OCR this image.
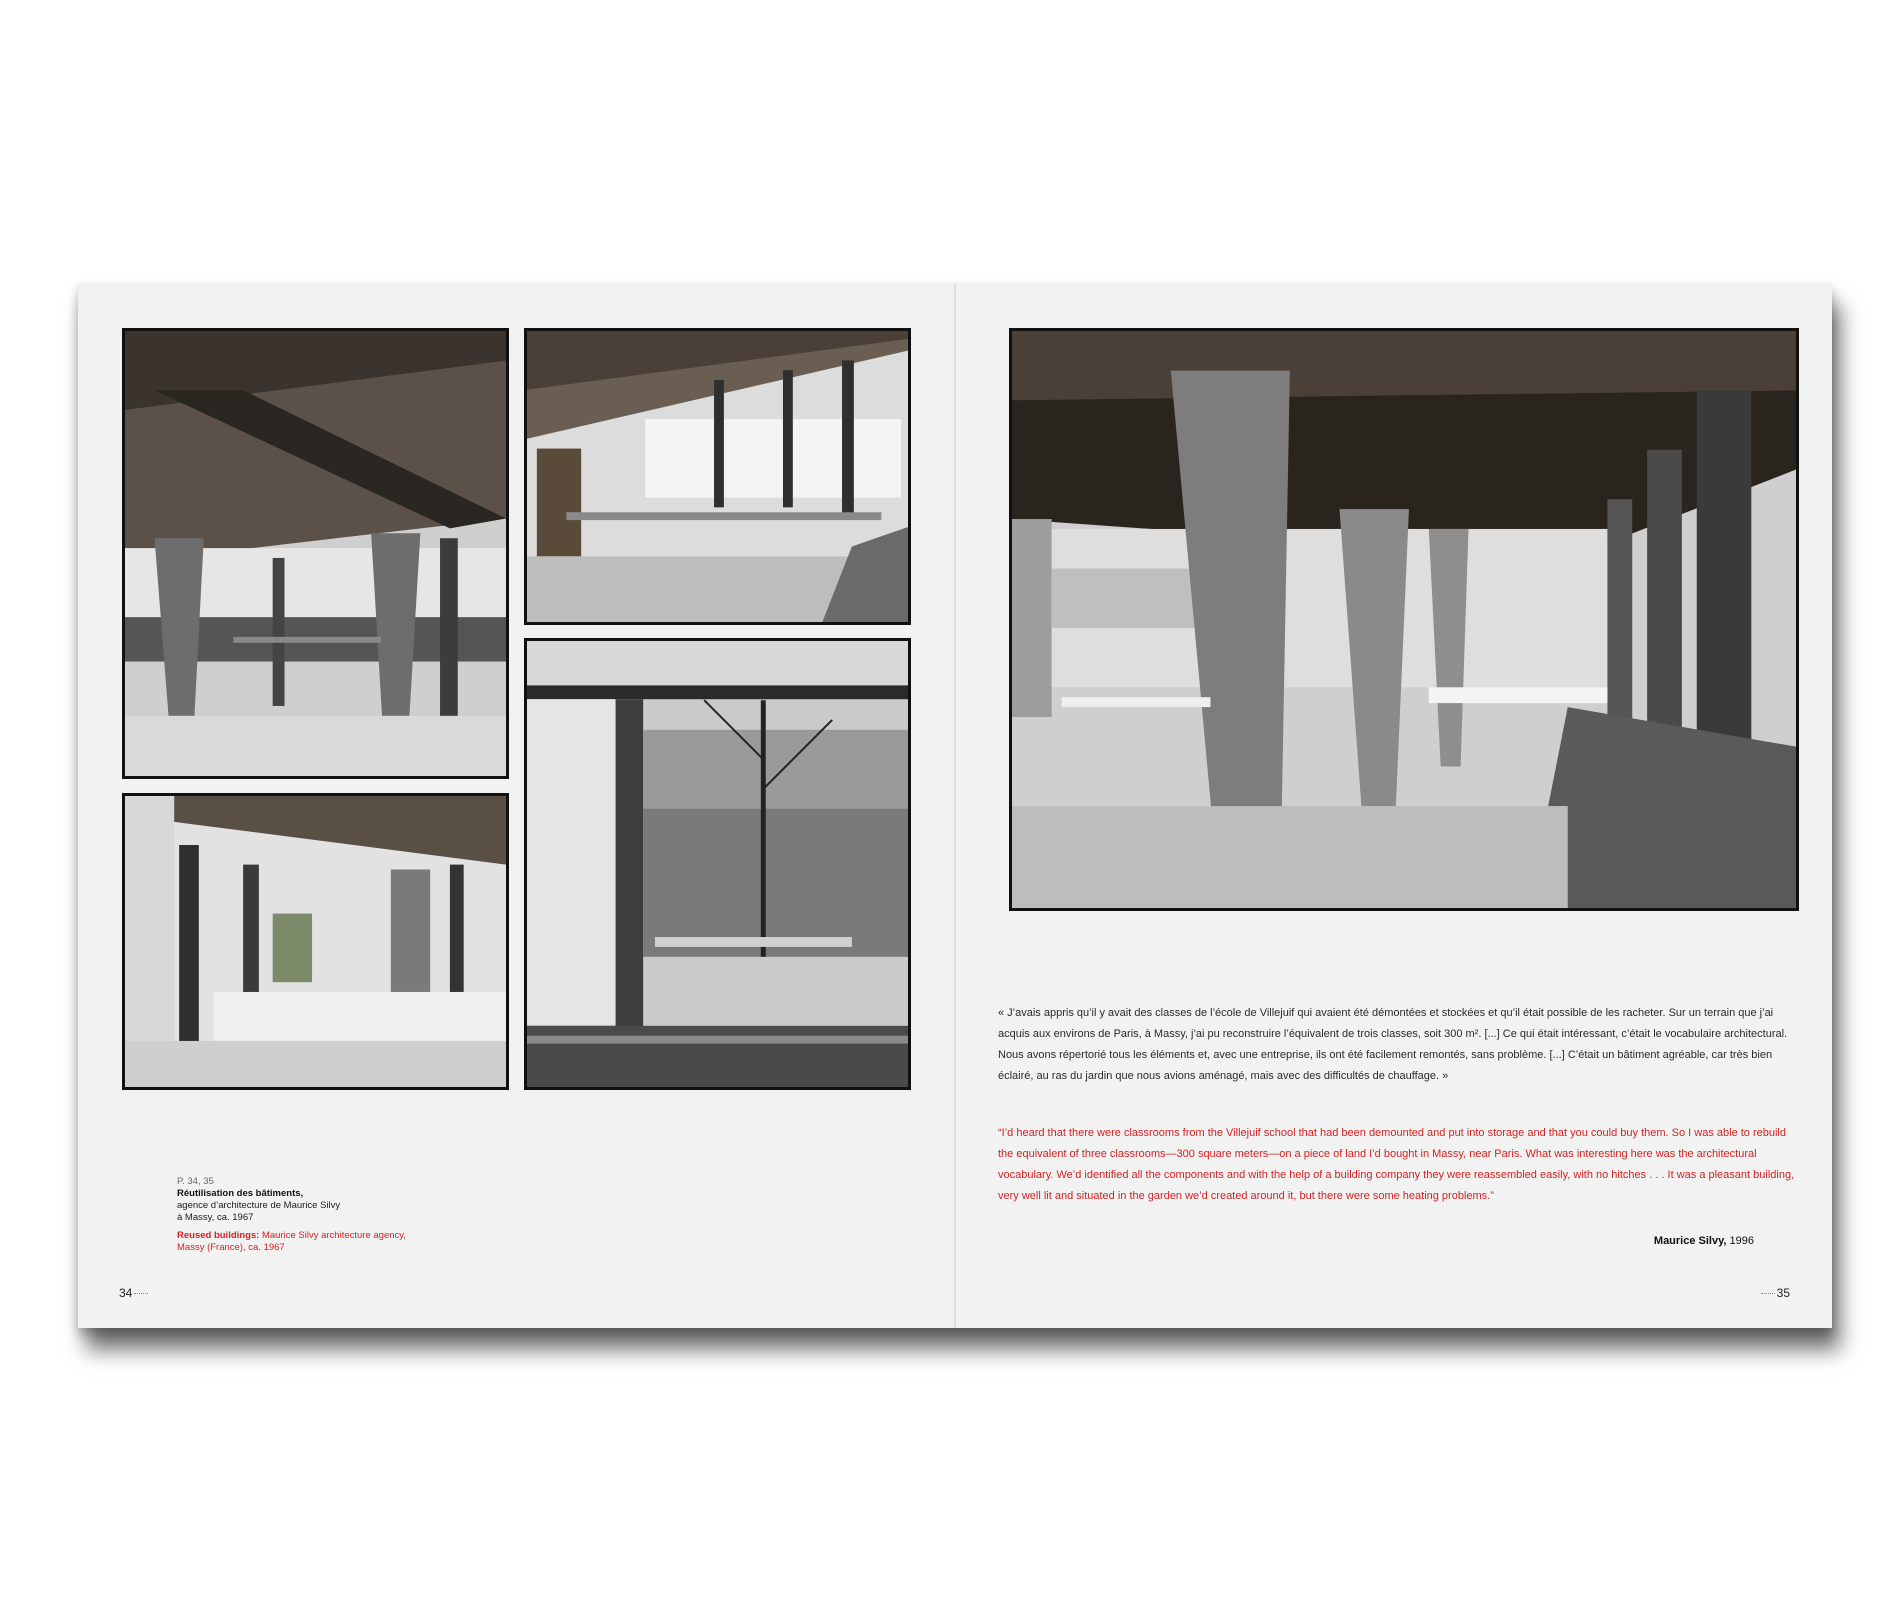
P. 34, 35
Réutilisation des bâtiments,
agence d’architecture de Maurice Silvy
à Massy, ca. 1967
Reused buildings: Maurice Silvy architecture agency, Massy (France), ca. 1967
« J’avais appris qu’il y avait des classes de l’école de Villejuif qui avaient été démontées et stockées et qu’il était possible de les racheter. Sur un terrain que j’ai acquis aux environs de Paris, à Massy, j’ai pu reconstruire l’équivalent de trois classes, soit 300 m². [...] Ce qui était intéressant, c’était le vocabulaire architectural. Nous avons répertorié tous les éléments et, avec une entreprise, ils ont été facilement remontés, sans problème. [...] C’était un bâtiment agréable, car très bien éclairé, au ras du jardin que nous avions aménagé, mais avec des difficultés de chauffage. »
“I’d heard that there were classrooms from the Villejuif school that had been demounted and put into storage and that you could buy them. So I was able to rebuild the equivalent of three classrooms—300 square meters—on a piece of land I’d bought in Massy, near Paris. What was interesting here was the architectural vocabulary. We’d identified all the components and with the help of a building company they were reassembled easily, with no hitches . . . It was a pleasant building, very well lit and situated in the garden we’d created around it, but there were some heating problems.”
Maurice Silvy, 1996
34	35
